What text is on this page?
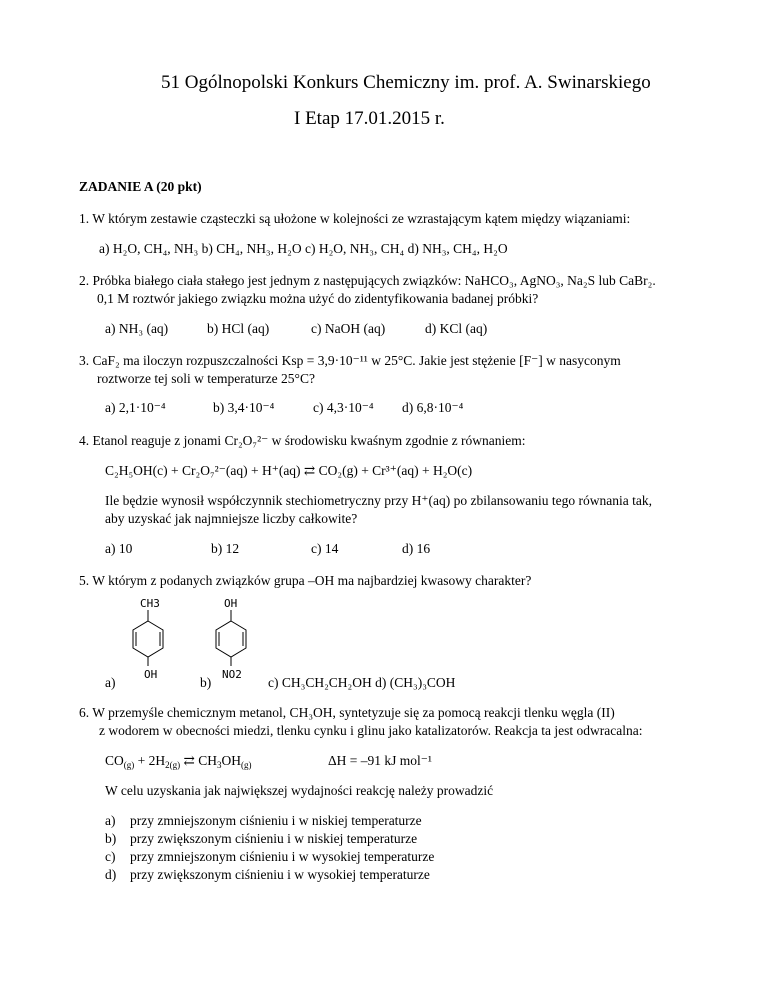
51 Ogólnopolski Konkurs Chemiczny im. prof. A. Swinarskiego
I Etap 17.01.2015 r.
ZADANIE A (20 pkt)
1. W którym zestawie cząsteczki są ułożone w kolejności ze wzrastającym kątem między wiązaniami:
a) H₂O, CH₄, NH₃ b) CH₄, NH₃, H₂O c) H₂O, NH₃, CH₄ d) NH₃, CH₄, H₂O
2. Próbka białego ciała stałego jest jednym z następujących związków: NaHCO₃, AgNO₃, Na₂S lub CaBr₂.
0,1 M roztwór jakiego związku można użyć do zidentyfikowania badanej próbki?
a) NH₃ (aq)	b) HCl (aq)	c) NaOH (aq)	d) KCl (aq)
3. CaF₂ ma iloczyn rozpuszczalności Ksp = 3,9·10⁻¹¹ w 25°C. Jakie jest stężenie [F⁻] w nasyconym
roztworze tej soli w temperaturze 25°C?
a) 2,1·10⁻⁴	b) 3,4·10⁻⁴	c) 4,3·10⁻⁴ d) 6,8·10⁻⁴
4. Etanol reaguje z jonami Cr₂O₇²⁻ w środowisku kwaśnym zgodnie z równaniem:
C₂H₅OH(c) + Cr₂O₇²⁻(aq) + H⁺(aq) ⇄ CO₂(g) + Cr³⁺(aq) + H₂O(c)
Ile będzie wynosił współczynnik stechiometryczny przy H⁺(aq) po zbilansowaniu tego równania tak,
aby uzyskać jak najmniejsze liczby całkowite?
a) 10	b) 12	c) 14	d) 16
5. W którym z podanych związków grupa –OH ma najbardziej kwasowy charakter?
CH3
OH
OH
NO2
a)	b)	c) CH₃CH₂CH₂OH d) (CH₃)₃COH
6. W przemyśle chemicznym metanol, CH₃OH, syntetyzuje się za pomocą reakcji tlenku węgla (II)
z wodorem w obecności miedzi, tlenku cynku i glinu jako katalizatorów. Reakcja ta jest odwracalna:
$CO_{(g)} + 2H_{2(g)}$ ⇄ $CH_3OH_{(g)}$	ΔH = –91 kJ mol⁻¹
W celu uzyskania jak największej wydajności reakcję należy prowadzić
a) przy zmniejszonym ciśnieniu i w niskiej temperaturze
b) przy zwiększonym ciśnieniu i w niskiej temperaturze
c) przy zmniejszonym ciśnieniu i w wysokiej temperaturze
d) przy zwiększonym ciśnieniu i w wysokiej temperaturze
